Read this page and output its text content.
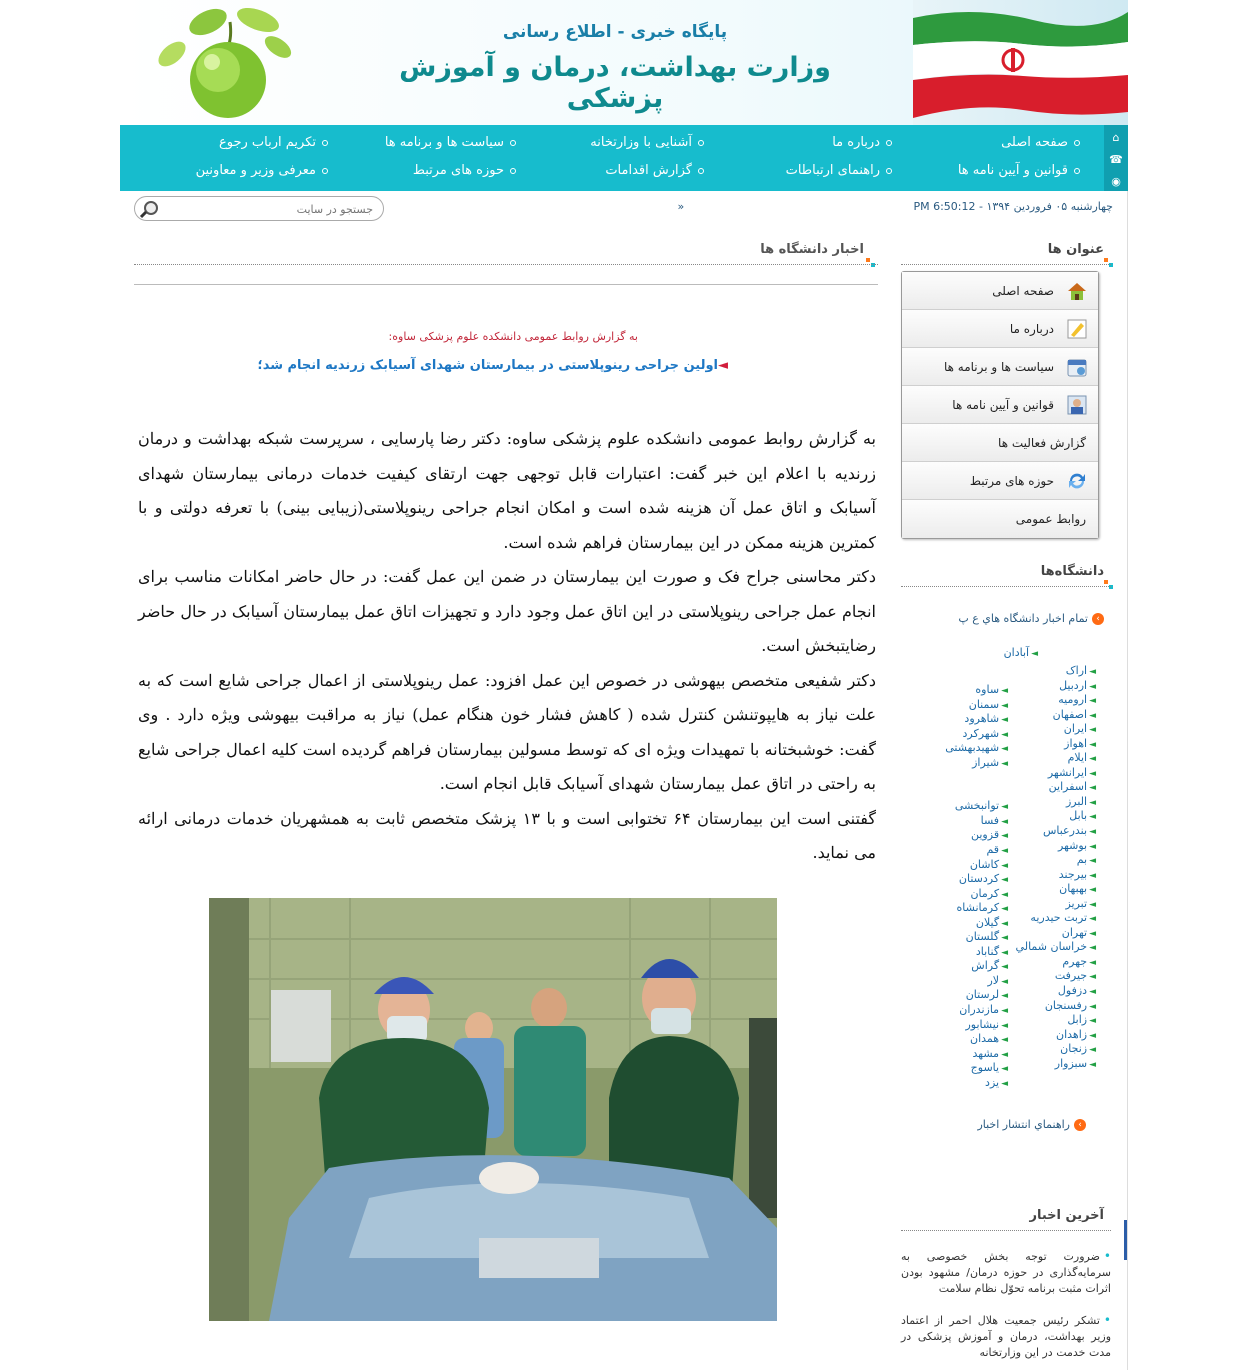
پایگاه خبری - اطلاع رسانی
وزارت بهداشت، درمان و آموزش پزشکی
⌂
☎
◉
صفحه اصلی
درباره ما
آشنایی با وزارتخانه
سیاست ها و برنامه ها
تکریم ارباب رجوع
قوانین و آیین نامه ها
راهنمای ارتباطات
گزارش اقدامات
حوزه های مرتبط
معرفی وزیر و معاونین
چهارشنبه ۰۵ فروردین ۱۳۹۴ - 6:50:12 PM
«
جستجو در سایت
اخبار دانشگاه ها
به گزارش روابط عمومی دانشکده علوم پزشکی ساوه:
◄اولین جراحی رینوپلاستی در بیمارستان شهدای آسیابک زرندیه انجام شد؛

به گزارش روابط عمومی دانشکده علوم پزشکی ساوه: دکتر رضا پارسایی ، سرپرست شبکه بهداشت و درمان زرندیه با اعلام این خبر گفت: اعتبارات قابل توجهی جهت ارتقای کیفیت خدمات درمانی بیمارستان شهدای آسیابک و اتاق عمل آن هزینه شده است و امکان انجام جراحی رینوپلاستی(زیبایی بینی) با تعرفه دولتی و با کمترین هزینه ممکن در این بیمارستان فراهم شده است.

دکتر محاسنی جراح فک و صورت این بیمارستان در ضمن این عمل گفت: در حال حاضر امکانات مناسب برای انجام عمل جراحی رینوپلاستی در این اتاق عمل وجود دارد و تجهیزات اتاق عمل بیمارستان آسیابک در حال حاضر رضایتبخش است.

دکتر شفیعی متخصص بیهوشی در خصوص این عمل افزود: عمل رینوپلاستی از اعمال جراحی شایع است که به علت نیاز به هایپوتنشن کنترل شده ( کاهش فشار خون هنگام عمل) نیاز به مراقبت بیهوشی ویژه دارد . وی گفت: خوشبختانه با تمهیدات ویژه ای که توسط مسولین بیمارستان فراهم گردیده است کلیه اعمال جراحی شایع به راحتی در اتاق عمل بیمارستان شهدای آسیابک قابل انجام است.

گفتنی است این بیمارستان ۶۴ تختوابی است و با ۱۳ پزشک متخصص ثابت به همشهریان خدمات درمانی ارائه می نماید.

عنوان ها
صفحه اصلی
درباره ما
سیاست ها و برنامه ها
قوانین و آیین نامه ها
گزارش فعالیت ها
حوزه های مرتبط
روابط عمومی
دانشگاه‌ها
›تمام اخبار دانشگاه هاي ع پ
◄ آبادان
◄ اراک
◄ اردبیل
◄ ارومیه
◄ اصفهان
◄ ایران
◄ اهواز
◄ ایلام
◄ ایرانشهر
◄ اسفراین
◄ البرز
◄ بابل
◄ بندرعباس
◄ بوشهر
◄ بم
◄ بیرجند
◄ بهبهان
◄ تبریز
◄ تربت حیدریه
◄ تهران
◄ خراسان شمالي
◄ جهرم
◄ جیرفت
◄ دزفول
◄ رفسنجان
◄ زابل
◄ زاهدان
◄ زنجان
◄ سبزوار
◄ ساوه
◄ سمنان
◄ شاهرود
◄ شهرکرد
◄ شهیدبهشتی
◄ شیراز
◄ توانبخشی
◄ فسا
◄ قزوین
◄ قم
◄ کاشان
◄ کردستان
◄ کرمان
◄ کرمانشاه
◄ گیلان
◄ گلستان
◄ گناباد
◄ گراش
◄ لار
◄ لرستان
◄ مازندران
◄ نیشابور
◄ همدان
◄ مشهد
◄ یاسوج
◄ یزد
›راهنماي انتشار اخبار
آخرین اخبار
•ضرورت توجه بخش خصوصی به سرمایه‌گذاری در حوزه درمان/ مشهود بودن اثرات مثبت برنامه تحوّل نظام سلامت
•تشکر رئیس جمعیت هلال احمر از اعتماد وزیر بهداشت، درمان و آموزش پزشکی در مدت خدمت در این وزارتخانه
